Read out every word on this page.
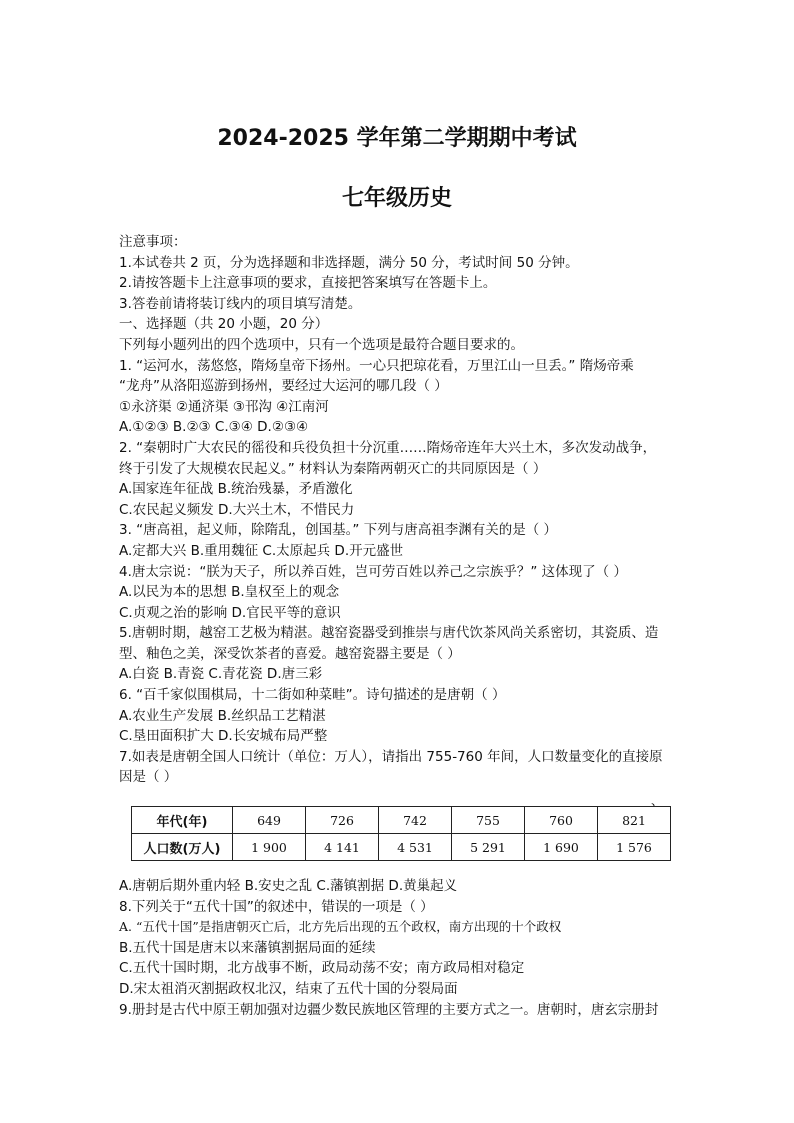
2024-2025 学年第二学期期中考试
七年级历史
注意事项：
1.本试卷共 2 页，分为选择题和非选择题，满分 50 分，考试时间 50 分钟。
2.请按答题卡上注意事项的要求，直接把答案填写在答题卡上。
3.答卷前请将装订线内的项目填写清楚。
一、选择题（共 20 小题，20 分）
下列每小题列出的四个选项中，只有一个选项是最符合题目要求的。
1. “运河水，荡悠悠，隋炀皇帝下扬州。一心只把琼花看，万里江山一旦丢。” 隋炀帝乘
“龙舟”从洛阳巡游到扬州，要经过大运河的哪几段（ ）
①永济渠 ②通济渠 ③邗沟 ④江南河
A.①②③ B.②③ C.③④ D.②③④
2. “秦朝时广大农民的徭役和兵役负担十分沉重……隋炀帝连年大兴土木，多次发动战争，
终于引发了大规模农民起义。” 材料认为秦隋两朝灭亡的共同原因是（ ）
A.国家连年征战 B.统治残暴，矛盾激化
C.农民起义频发 D.大兴土木，不惜民力
3. “唐高祖，起义师，除隋乱，创国基。” 下列与唐高祖李渊有关的是（ ）
A.定都大兴 B.重用魏征 C.太原起兵 D.开元盛世
4.唐太宗说：“朕为天子，所以养百姓，岂可劳百姓以养己之宗族乎？” 这体现了（ ）
A.以民为本的思想 B.皇权至上的观念
C.贞观之治的影响 D.官民平等的意识
5.唐朝时期，越窑工艺极为精湛。越窑瓷器受到推崇与唐代饮茶风尚关系密切，其瓷质、造
型、釉色之美，深受饮茶者的喜爱。越窑瓷器主要是（ ）
A.白瓷 B.青瓷 C.青花瓷 D.唐三彩
6. “百千家似围棋局，十二街如种菜畦”。诗句描述的是唐朝（ ）
A.农业生产发展 B.丝织品工艺精湛
C.垦田面积扩大 D.长安城布局严整
7.如表是唐朝全国人口统计（单位：万人），请指出 755-760 年间，人口数量变化的直接原
因是（ ）
、
年代(年)	649	726	742	755	760	821
人口数(万人)	1 900	4 141	4 531	5 291	1 690	1 576
A.唐朝后期外重内轻 B.安史之乱 C.藩镇割据 D.黄巢起义
8.下列关于“五代十国”的叙述中，错误的一项是（ ）
A. “五代十国”是指唐朝灭亡后，北方先后出现的五个政权，南方出现的十个政权
B.五代十国是唐末以来藩镇割据局面的延续
C.五代十国时期，北方战事不断，政局动荡不安；南方政局相对稳定
D.宋太祖消灭割据政权北汉，结束了五代十国的分裂局面
9.册封是古代中原王朝加强对边疆少数民族地区管理的主要方式之一。唐朝时，唐玄宗册封
